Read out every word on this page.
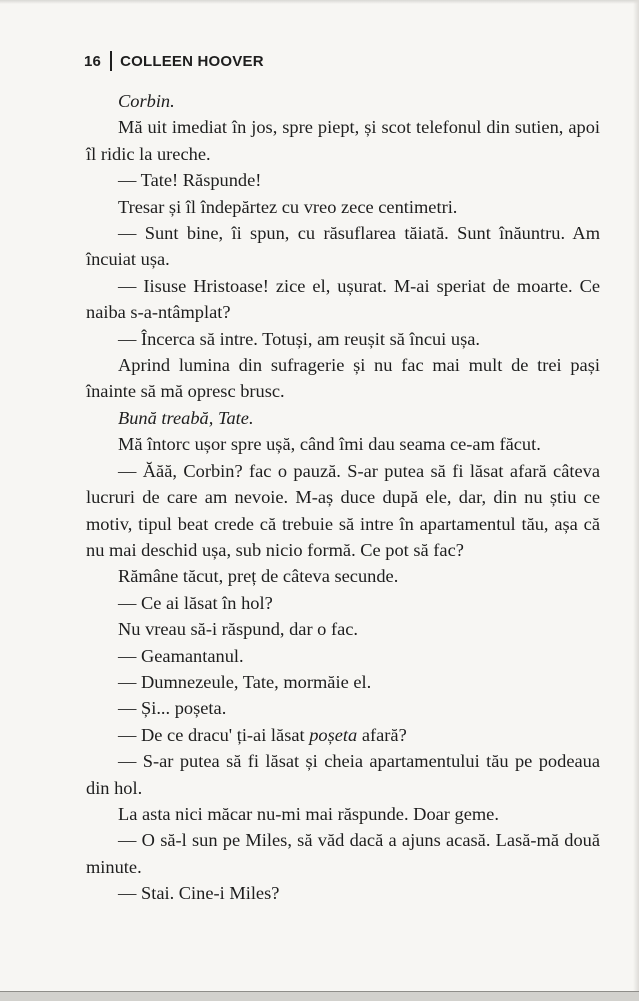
16 COLLEEN HOOVER

Corbin.

Mă uit imediat în jos, spre piept, și scot telefonul din sutien, apoi îl ridic la ureche.

— Tate! Răspunde!

Tresar și îl îndepărtez cu vreo zece centimetri.

— Sunt bine, îi spun, cu răsuflarea tăiată. Sunt înăuntru. Am încuiat ușa.

— Iisuse Hristoase! zice el, ușurat. M-ai speriat de moarte. Ce naiba s-a-ntâmplat?

— Încerca să intre. Totuși, am reușit să încui ușa.

Aprind lumina din sufragerie și nu fac mai mult de trei pași înainte să mă opresc brusc.

Bună treabă, Tate.

Mă întorc ușor spre ușă, când îmi dau seama ce-am făcut.

— Ăăă, Corbin? fac o pauză. S-ar putea să fi lăsat afară câteva lucruri de care am nevoie. M-aș duce după ele, dar, din nu știu ce motiv, tipul beat crede că trebuie să intre în apartamentul tău, așa că nu mai deschid ușa, sub nicio formă. Ce pot să fac?

Rămâne tăcut, preț de câteva secunde.

— Ce ai lăsat în hol?

Nu vreau să-i răspund, dar o fac.

— Geamantanul.

— Dumnezeule, Tate, mormăie el.

— Și... poșeta.

— De ce dracu' ți-ai lăsat poșeta afară?

— S-ar putea să fi lăsat și cheia apartamentului tău pe podeaua din hol.

La asta nici măcar nu-mi mai răspunde. Doar geme.

— O să-l sun pe Miles, să văd dacă a ajuns acasă. Lasă-mă două minute.

— Stai. Cine-i Miles?
